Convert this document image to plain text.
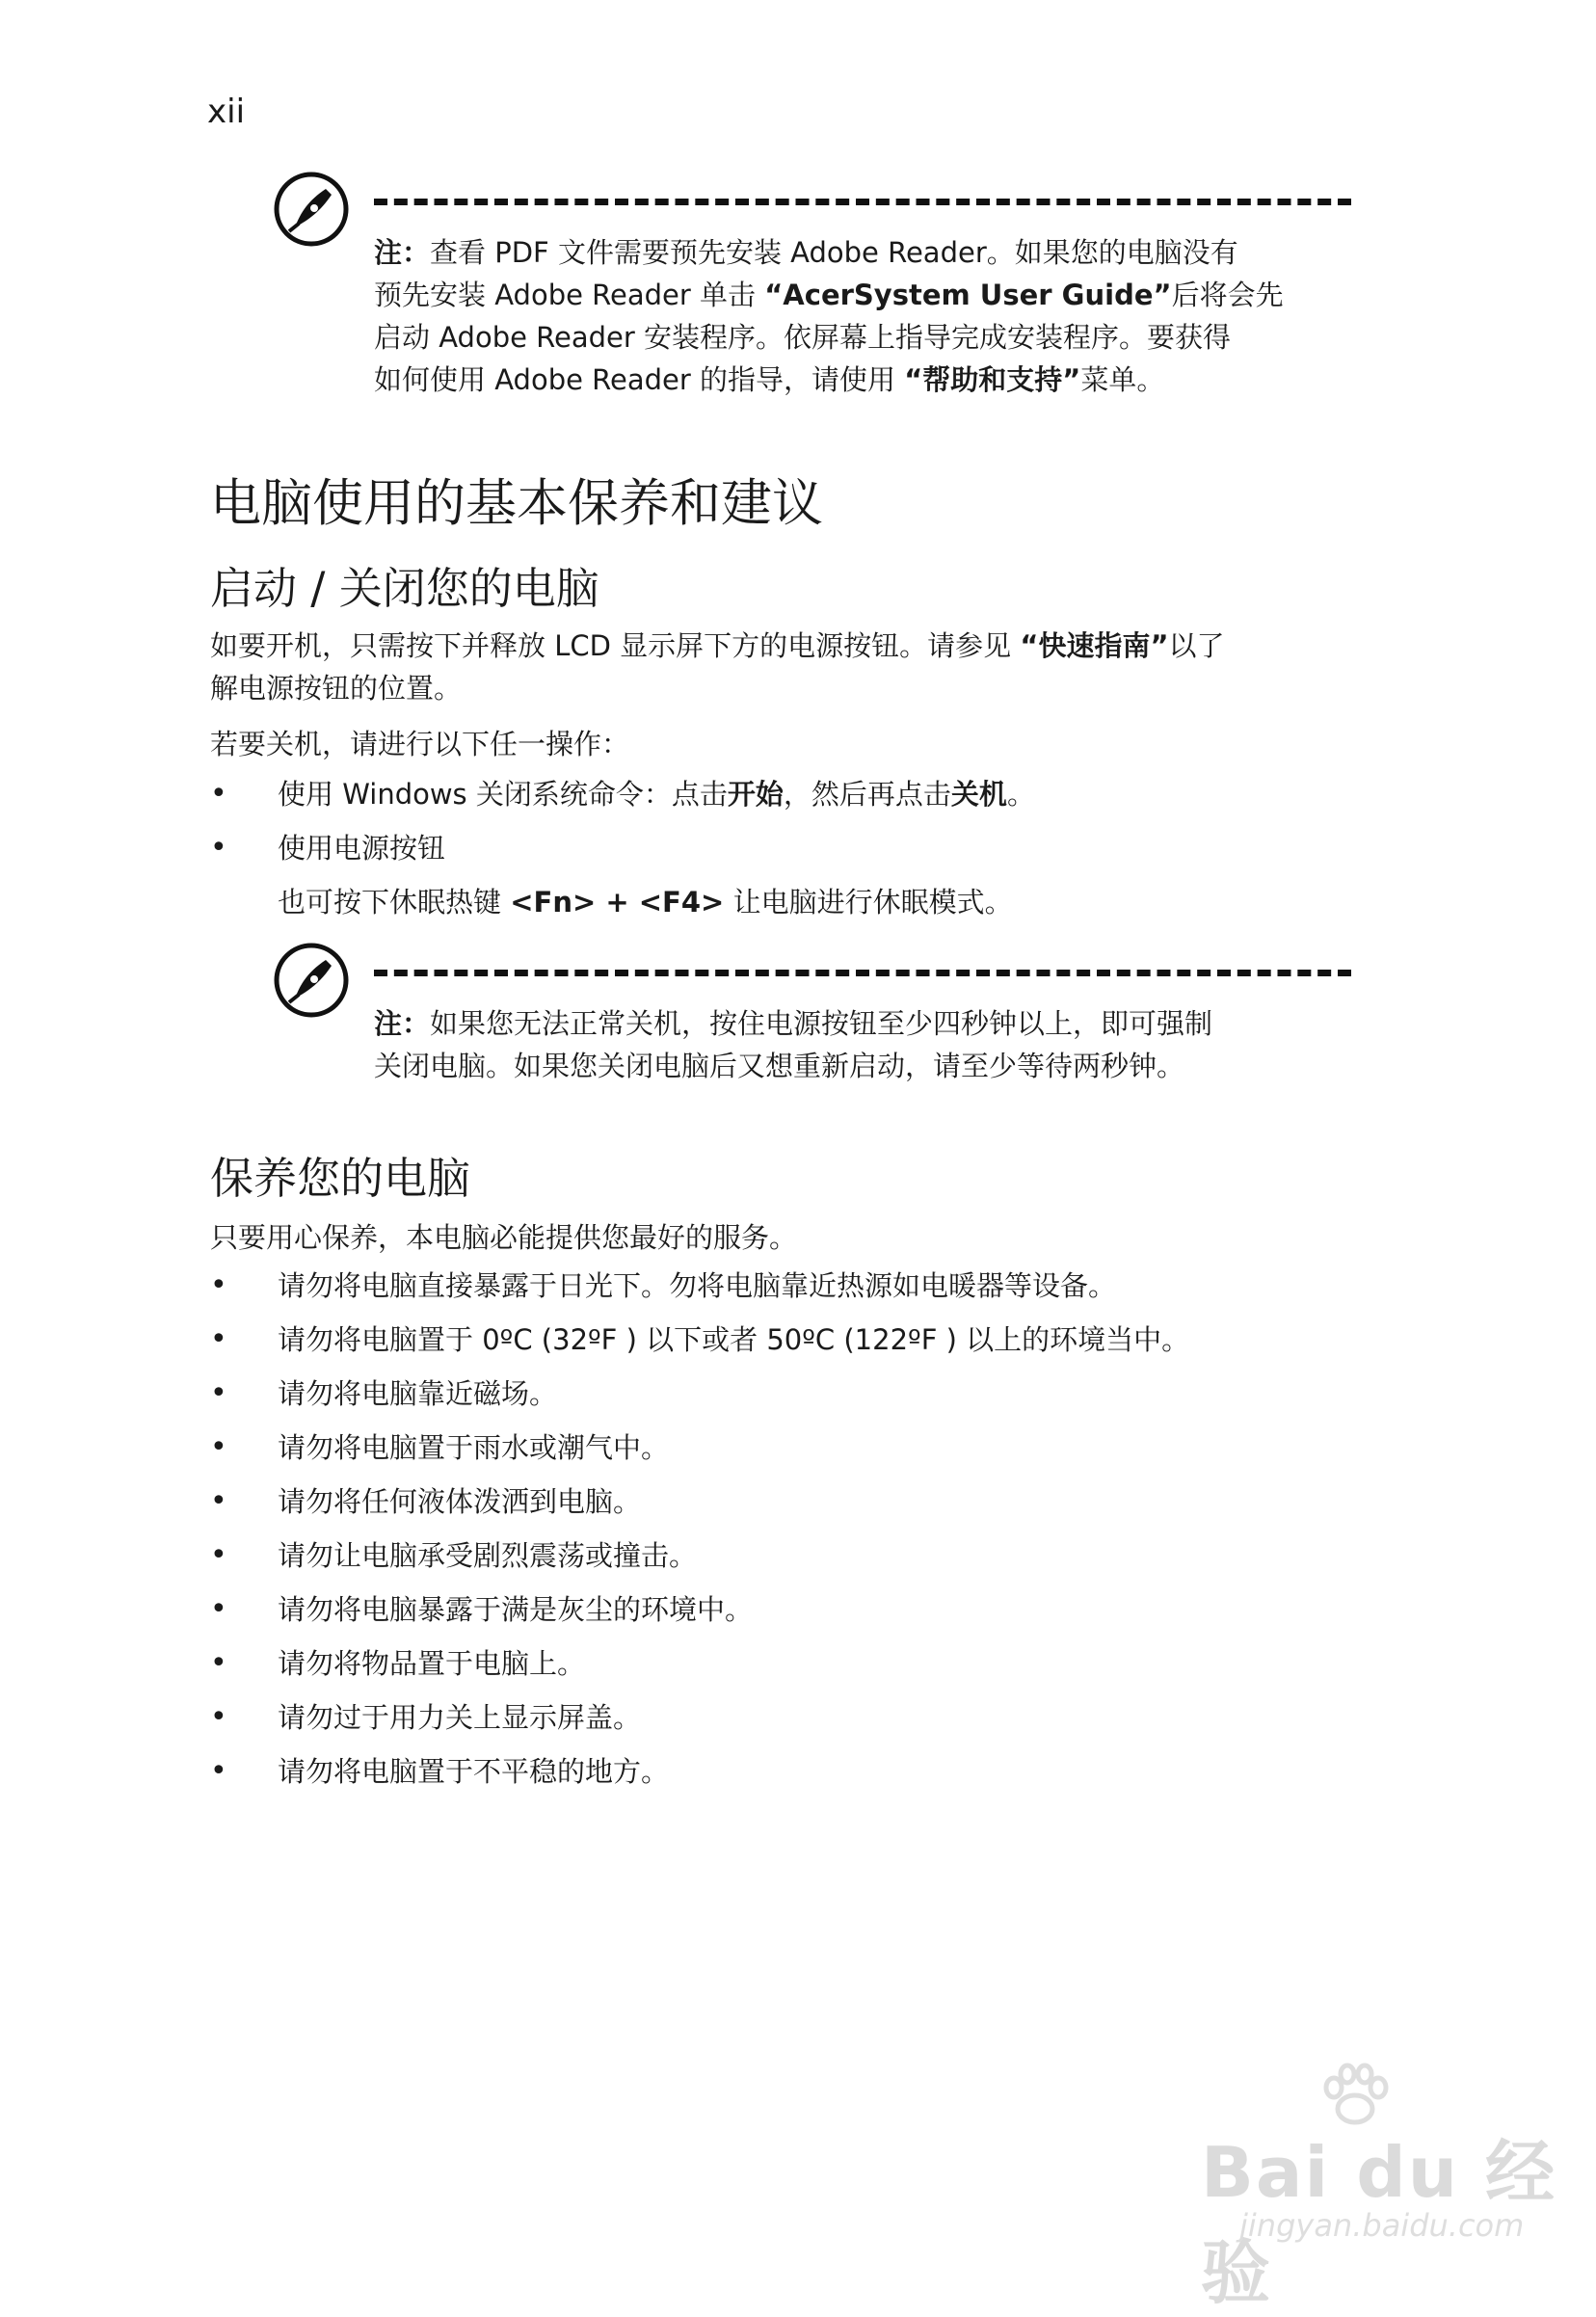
xii

注：查看 PDF 文件需要预先安装 Adobe Reader。如果您的电脑没有

预先安装 Adobe Reader 单击 “AcerSystem User Guide”后将会先

启动 Adobe Reader 安装程序。依屏幕上指导完成安装程序。要获得

如何使用 Adobe Reader 的指导，请使用 “帮助和支持”菜单。

电脑使用的基本保养和建议
启动 / 关闭您的电脑

如要开机，只需按下并释放 LCD 显示屏下方的电源按钮。请参见 “快速指南”以了
解电源按钮的位置。

若要关机，请进行以下任一操作：

• 使用 Windows 关闭系统命令：点击开始，然后再点击关机。
• 使用电源按钮

也可按下休眠热键 <Fn> + <F4> 让电脑进行休眠模式。

注：如果您无法正常关机，按住电源按钮至少四秒钟以上，即可强制

关闭电脑。如果您关闭电脑后又想重新启动，请至少等待两秒钟。

保养您的电脑

只要用心保养，本电脑必能提供您最好的服务。

• 请勿将电脑直接暴露于日光下。勿将电脑靠近热源如电暖器等设备。
• 请勿将电脑置于 0ºC (32ºF ) 以下或者 50ºC (122ºF ) 以上的环境当中。
• 请勿将电脑靠近磁场。
• 请勿将电脑置于雨水或潮气中。
• 请勿将任何液体泼洒到电脑。
• 请勿让电脑承受剧烈震荡或撞击。
• 请勿将电脑暴露于满是灰尘的环境中。
• 请勿将物品置于电脑上。
• 请勿过于用力关上显示屏盖。
• 请勿将电脑置于不平稳的地方。
Bai du 经验
jingyan.baidu.com
